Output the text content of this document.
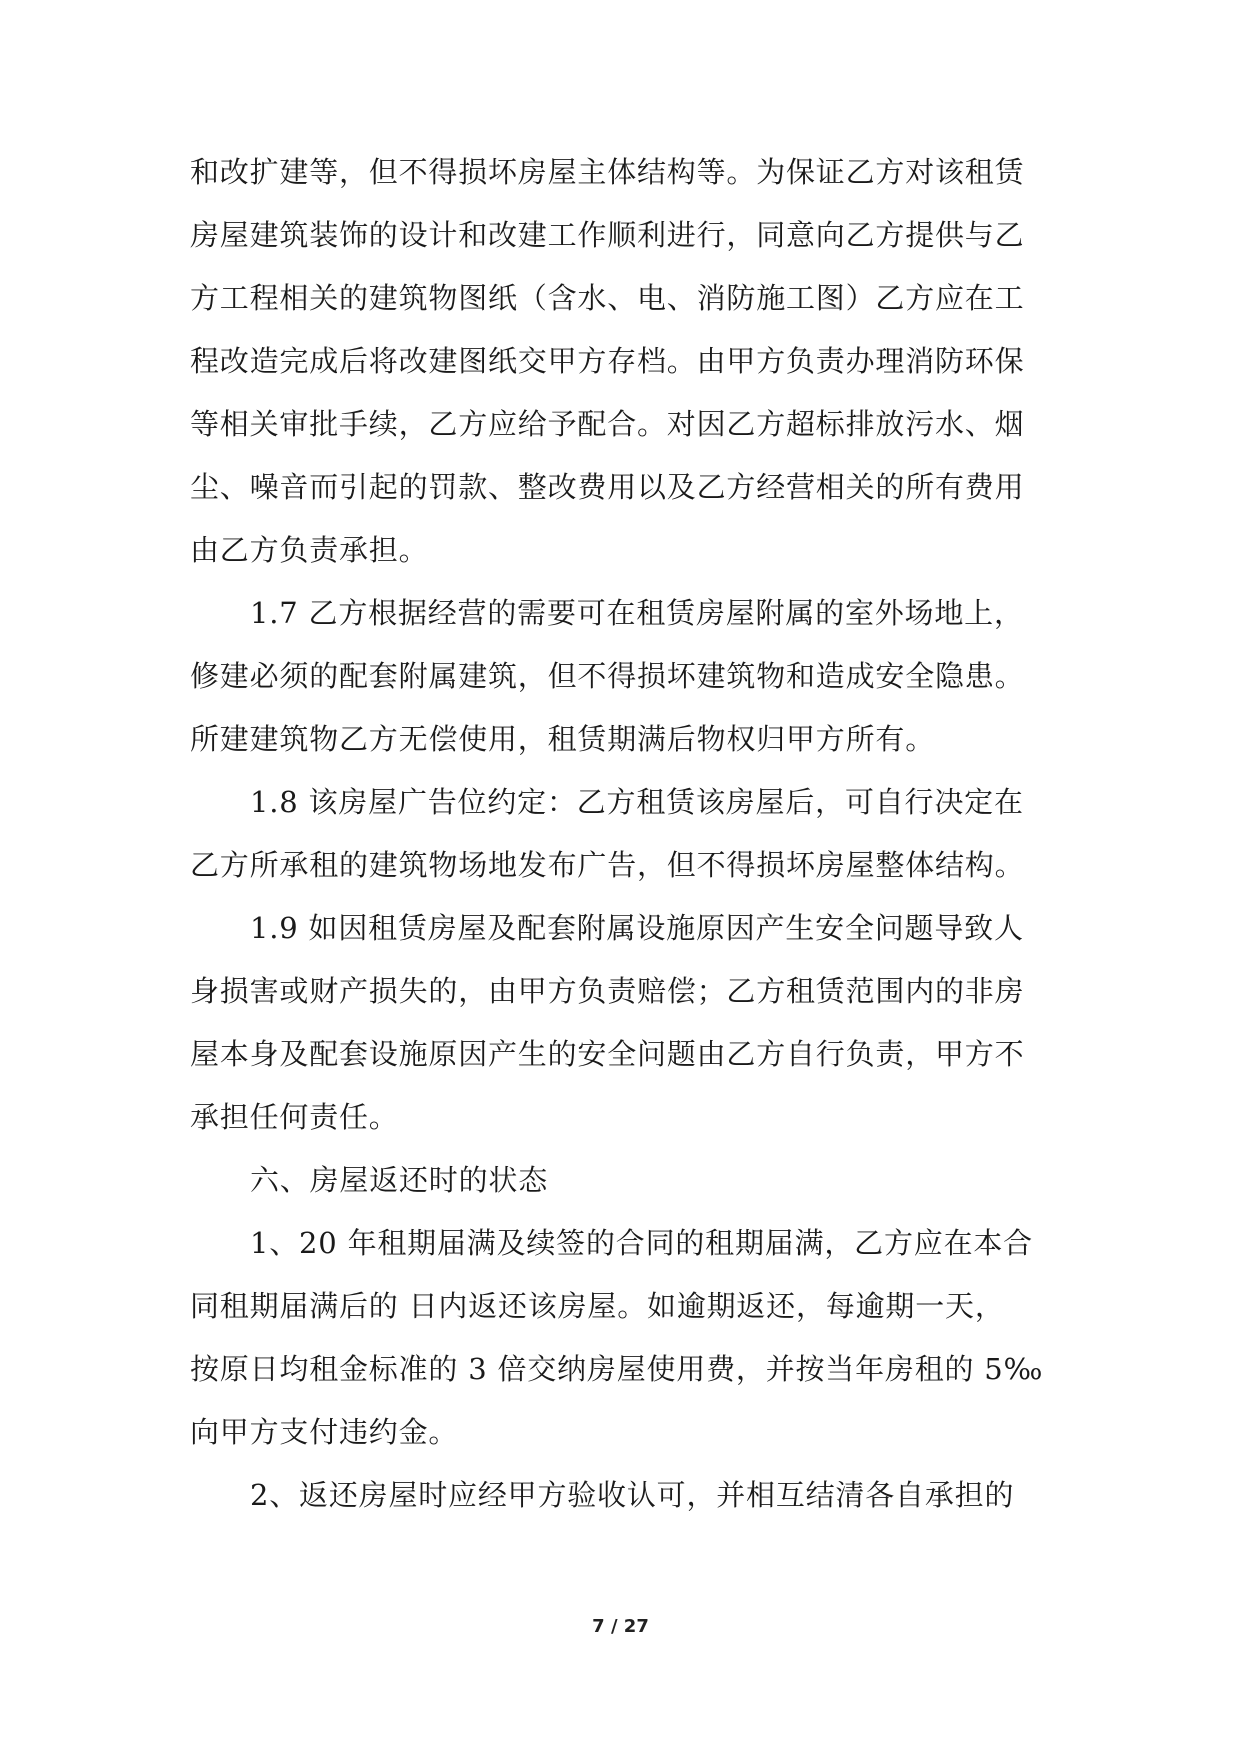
和改扩建等，但不得损坏房屋主体结构等。为保证乙方对该租赁
房屋建筑装饰的设计和改建工作顺利进行，同意向乙方提供与乙
方工程相关的建筑物图纸（含水、电、消防施工图）乙方应在工
程改造完成后将改建图纸交甲方存档。由甲方负责办理消防环保
等相关审批手续，乙方应给予配合。对因乙方超标排放污水、烟
尘、噪音而引起的罚款、整改费用以及乙方经营相关的所有费用
由乙方负责承担。
1.7 乙方根据经营的需要可在租赁房屋附属的室外场地上，
修建必须的配套附属建筑，但不得损坏建筑物和造成安全隐患。
所建建筑物乙方无偿使用，租赁期满后物权归甲方所有。
1.8 该房屋广告位约定：乙方租赁该房屋后，可自行决定在
乙方所承租的建筑物场地发布广告，但不得损坏房屋整体结构。
1.9 如因租赁房屋及配套附属设施原因产生安全问题导致人
身损害或财产损失的，由甲方负责赔偿；乙方租赁范围内的非房
屋本身及配套设施原因产生的安全问题由乙方自行负责，甲方不
承担任何责任。
六、房屋返还时的状态
1、20 年租期届满及续签的合同的租期届满，乙方应在本合
同租期届满后的 日内返还该房屋。如逾期返还，每逾期一天，
按原日均租金标准的 3 倍交纳房屋使用费，并按当年房租的 5‰
向甲方支付违约金。
2、返还房屋时应经甲方验收认可，并相互结清各自承担的
7 / 27
